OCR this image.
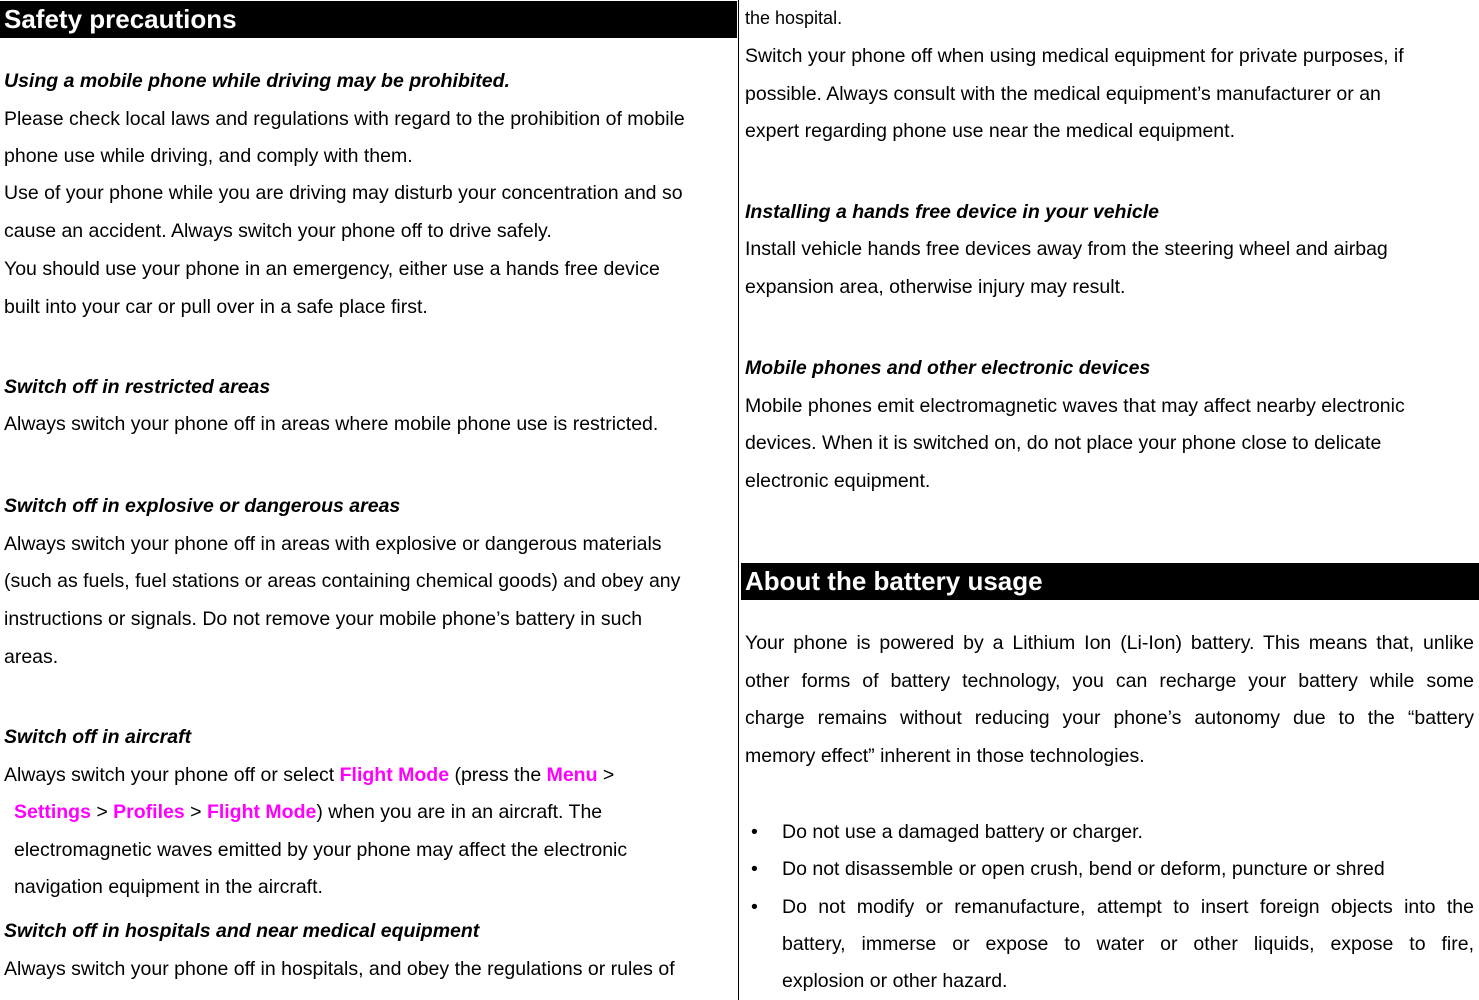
Safety precautions
Using a mobile phone while driving may be prohibited.
Please check local laws and regulations with regard to the prohibition of mobile
phone use while driving, and comply with them.
Use of your phone while you are driving may disturb your concentration and so
cause an accident. Always switch your phone off to drive safely.
You should use your phone in an emergency, either use a hands free device
built into your car or pull over in a safe place first.
Switch off in restricted areas
Always switch your phone off in areas where mobile phone use is restricted.
Switch off in explosive or dangerous areas
Always switch your phone off in areas with explosive or dangerous materials
(such as fuels, fuel stations or areas containing chemical goods) and obey any
instructions or signals. Do not remove your mobile phone’s battery in such
areas.
Switch off in aircraft
Always switch your phone off or select Flight Mode (press the Menu >
Settings > Profiles > Flight Mode) when you are in an aircraft. The
electromagnetic waves emitted by your phone may affect the electronic
navigation equipment in the aircraft.
Switch off in hospitals and near medical equipment
Always switch your phone off in hospitals, and obey the regulations or rules of
the hospital.
Switch your phone off when using medical equipment for private purposes, if
possible. Always consult with the medical equipment’s manufacturer or an
expert regarding phone use near the medical equipment.
Installing a hands free device in your vehicle
Install vehicle hands free devices away from the steering wheel and airbag
expansion area, otherwise injury may result.
Mobile phones and other electronic devices
Mobile phones emit electromagnetic waves that may affect nearby electronic
devices. When it is switched on, do not place your phone close to delicate
electronic equipment.
About the battery usage
Your phone is powered by a Lithium Ion (Li-Ion) battery. This means that, unlike
other forms of battery technology, you can recharge your battery while some
charge remains without reducing your phone’s autonomy due to the “battery
memory effect” inherent in those technologies.
• Do not use a damaged battery or charger.
• Do not disassemble or open crush, bend or deform, puncture or shred
• Do not modify or remanufacture, attempt to insert foreign objects into the
battery, immerse or expose to water or other liquids, expose to fire,
explosion or other hazard.
